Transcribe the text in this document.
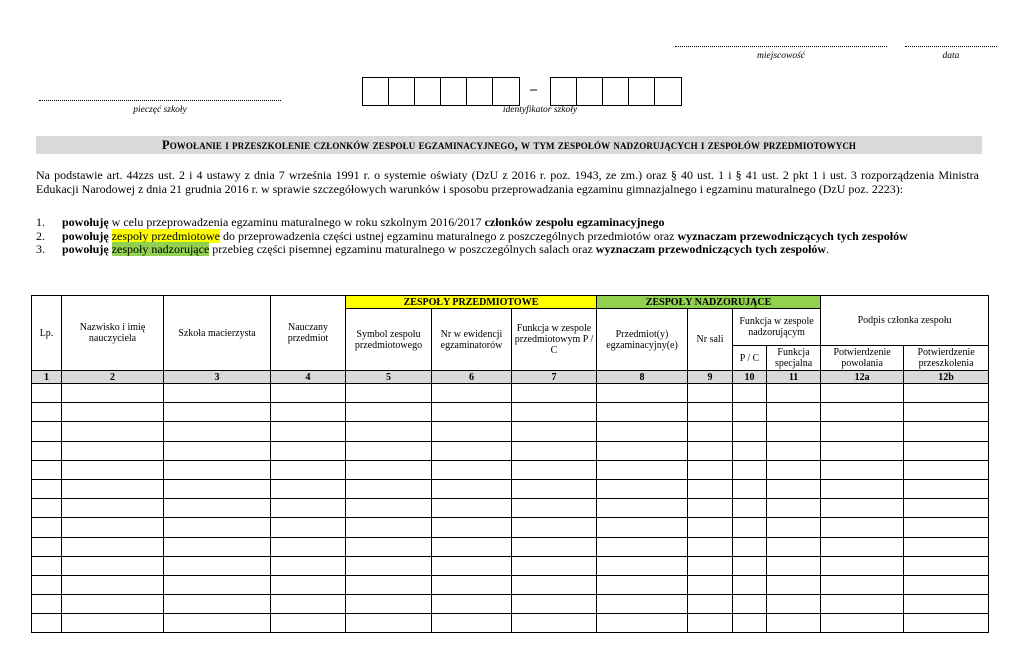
miejscowość	data
pieczęć szkoły
–
identyfikator szkoły
Powołanie i przeszkolenie członków zespołu egzaminacyjnego, w tym zespołów nadzorujących i zespołów przedmiotowych
Na podstawie art. 44zzs ust. 2 i 4 ustawy z dnia 7 września 1991 r. o systemie oświaty (DzU z 2016 r. poz. 1943, ze zm.) oraz § 40 ust. 1 i § 41 ust. 2 pkt 1 i ust. 3 rozporządzenia Ministra Edukacji Narodowej z dnia 21 grudnia 2016 r. w sprawie szczegółowych warunków i sposobu przeprowadzania egzaminu gimnazjalnego i egzaminu maturalnego (DzU poz. 2223):
1.	powołuję w celu przeprowadzenia egzaminu maturalnego w roku szkolnym 2016/2017 członków zespołu egzaminacyjnego
2.	powołuję zespoły przedmiotowe do przeprowadzenia części ustnej egzaminu maturalnego z poszczególnych przedmiotów oraz wyznaczam przewodniczących tych zespołów
3.	powołuję zespoły nadzorujące przebieg części pisemnej egzaminu maturalnego w poszczególnych salach oraz wyznaczam przewodniczących tych zespołów.
Lp.	Nazwisko i imię nauczyciela	Szkoła macierzysta	Nauczany przedmiot	ZESPOŁY PRZEDMIOTOWE			ZESPOŁY NADZORUJĄCE				Podpis członka zespołu	
				Symbol zespołu przedmiotowego	Nr w ewidencji egzaminatorów	Funkcja w zespole przedmiotowym P / C	Przedmiot(y) egzaminacyjny(e)	Nr sali	Funkcja w zespole nadzorującym			
									P / C	Funkcja specjalna	Potwierdzenie powołania	Potwierdzenie przeszkolenia
1	2	3	4	5	6	7	8	9	10	11	12a	12b
